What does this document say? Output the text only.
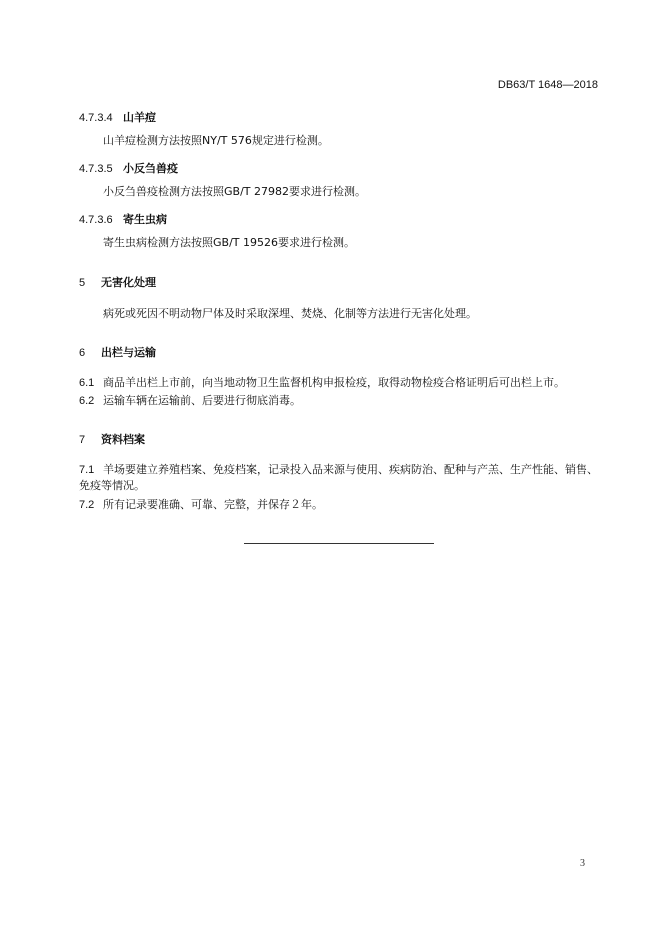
DB63/T 1648—2018
4.7.3.4 山羊痘
山羊痘检测方法按照NY/T 576规定进行检测。
4.7.3.5 小反刍兽疫
小反刍兽疫检测方法按照GB/T 27982要求进行检测。
4.7.3.6 寄生虫病
寄生虫病检测方法按照GB/T 19526要求进行检测。
5 无害化处理
病死或死因不明动物尸体及时采取深埋、焚烧、化制等方法进行无害化处理。
6 出栏与运输
6.1 商品羊出栏上市前，向当地动物卫生监督机构申报检疫，取得动物检疫合格证明后可出栏上市。
6.2 运输车辆在运输前、后要进行彻底消毒。
7 资料档案
7.1 羊场要建立养殖档案、免疫档案，记录投入品来源与使用、疾病防治、配种与产羔、生产性能、销售、免疫等情况。
7.2 所有记录要准确、可靠、完整，并保存２年。
3
